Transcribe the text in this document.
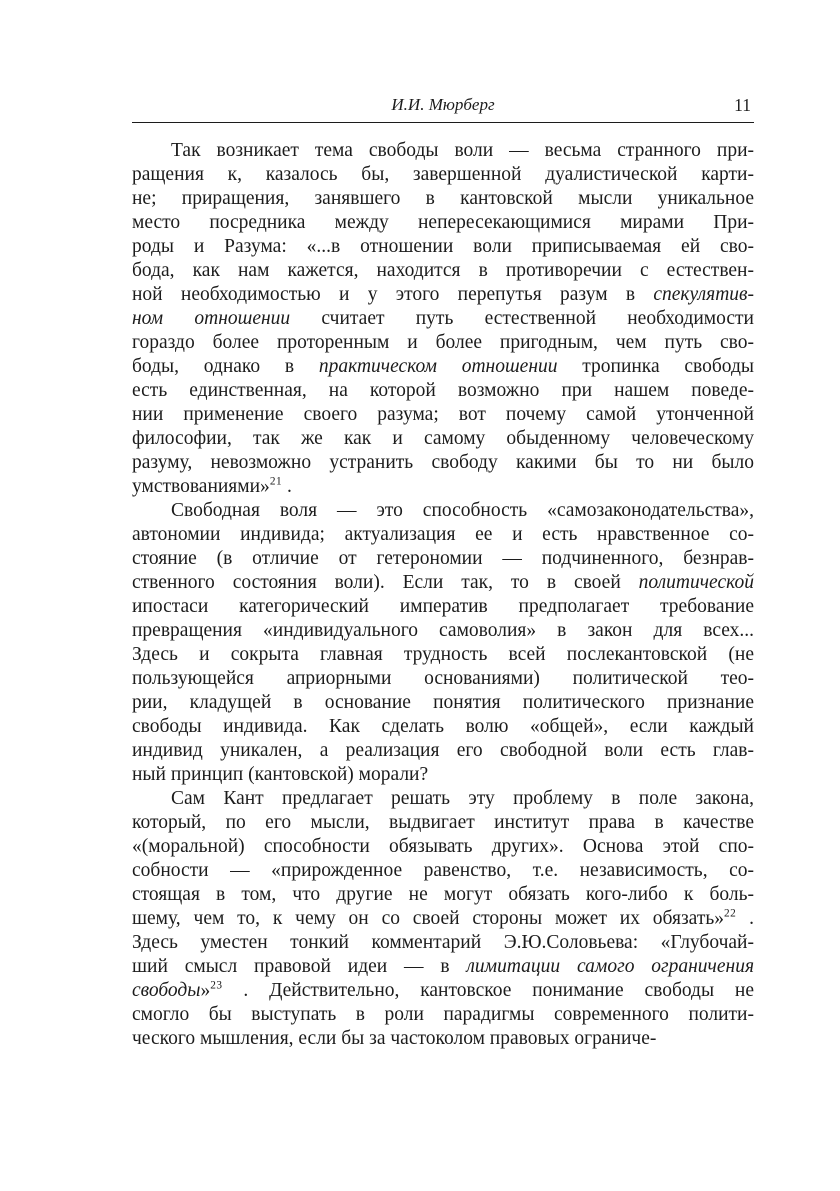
И.И. Мюрберг	11

Так возникает тема свободы воли — весьма странного при-
ращения к, казалось бы, завершенной дуалистической карти-
не; приращения, занявшего в кантовской мысли уникальное
место посредника между непересекающимися мирами При-
роды и Разума: «...в отношении воли приписываемая ей сво-
бода, как нам кажется, находится в противоречии с естествен-
ной необходимостью и у этого перепутья разум в спекулятив-
ном отношении считает путь естественной необходимости
гораздо более проторенным и более пригодным, чем путь сво-
боды, однако в практическом отношении тропинка свободы
есть единственная, на которой возможно при нашем поведе-
нии применение своего разума; вот почему самой утонченной
философии, так же как и самому обыденному человеческому
разуму, невозможно устранить свободу какими бы то ни было
умствованиями»$^{21}$ .

Свободная воля — это способность «самозаконодательства»,
автономии индивида; актуализация ее и есть нравственное со-
стояние (в отличие от гетерономии — подчиненного, безнрав-
ственного состояния воли). Если так, то в своей политической
ипостаси категорический императив предполагает требование
превращения «индивидуального самоволия» в закон для всех...
Здесь и сокрыта главная трудность всей послекантовской (не
пользующейся априорными основаниями) политической тео-
рии, кладущей в основание понятия политического признание
свободы индивида. Как сделать волю «общей», если каждый
индивид уникален, а реализация его свободной воли есть глав-
ный принцип (кантовской) морали?

Сам Кант предлагает решать эту проблему в поле закона,
который, по его мысли, выдвигает институт права в качестве
«(моральной) способности обязывать других». Основа этой спо-
собности — «прирожденное равенство, т.е. независимость, со-
стоящая в том, что другие не могут обязать кого-либо к боль-
шему, чем то, к чему он со своей стороны может их обязать»$^{22}$ .
Здесь уместен тонкий комментарий Э.Ю.Соловьева: «Глубочай-
ший смысл правовой идеи — в лимитации самого ограничения
свободы»$^{23}$ . Действительно, кантовское понимание свободы не
смогло бы выступать в роли парадигмы современного полити-
ческого мышления, если бы за частоколом правовых ограниче-
